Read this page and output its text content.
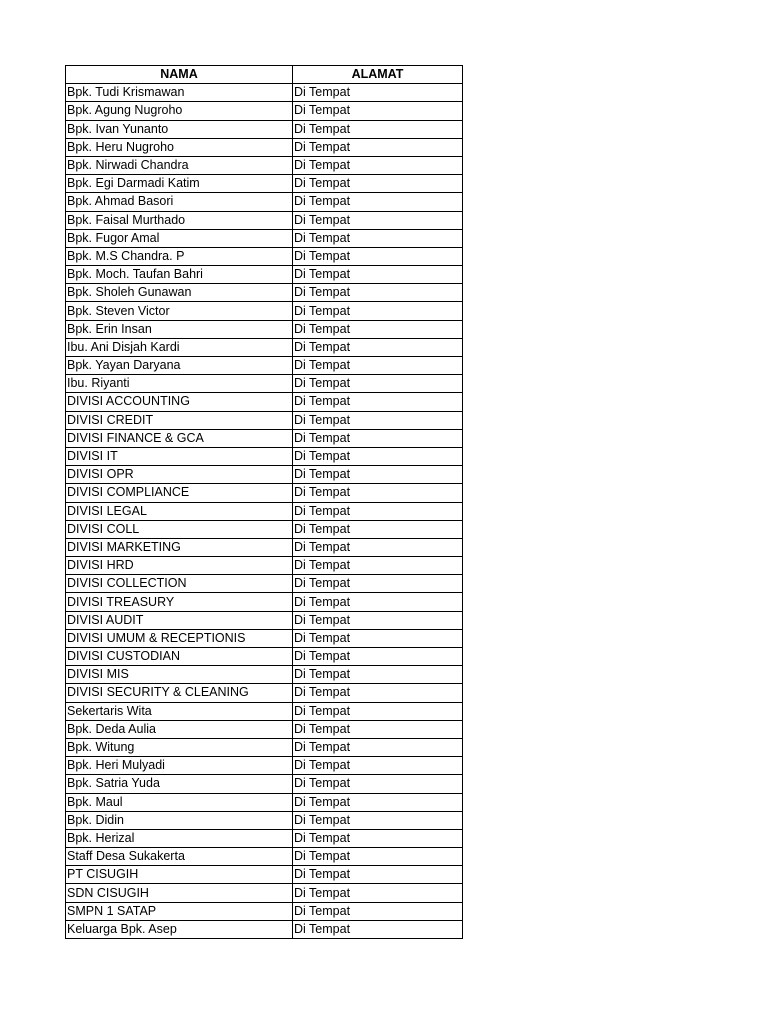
NAMA	ALAMAT
Bpk. Tudi Krismawan	Di Tempat
Bpk. Agung Nugroho	Di Tempat
Bpk. Ivan Yunanto	Di Tempat
Bpk. Heru Nugroho	Di Tempat
Bpk. Nirwadi Chandra	Di Tempat
Bpk. Egi Darmadi Katim	Di Tempat
Bpk. Ahmad Basori	Di Tempat
Bpk. Faisal Murthado	Di Tempat
Bpk. Fugor Amal	Di Tempat
Bpk. M.S Chandra. P	Di Tempat
Bpk. Moch. Taufan Bahri	Di Tempat
Bpk. Sholeh Gunawan	Di Tempat
Bpk. Steven Victor	Di Tempat
Bpk. Erin Insan	Di Tempat
Ibu. Ani Disjah Kardi	Di Tempat
Bpk. Yayan Daryana	Di Tempat
Ibu. Riyanti	Di Tempat
DIVISI ACCOUNTING	Di Tempat
DIVISI CREDIT	Di Tempat
DIVISI FINANCE & GCA	Di Tempat
DIVISI IT	Di Tempat
DIVISI OPR	Di Tempat
DIVISI COMPLIANCE	Di Tempat
DIVISI LEGAL	Di Tempat
DIVISI COLL	Di Tempat
DIVISI MARKETING	Di Tempat
DIVISI HRD	Di Tempat
DIVISI COLLECTION	Di Tempat
DIVISI TREASURY	Di Tempat
DIVISI AUDIT	Di Tempat
DIVISI UMUM & RECEPTIONIS	Di Tempat
DIVISI CUSTODIAN	Di Tempat
DIVISI MIS	Di Tempat
DIVISI SECURITY & CLEANING	Di Tempat
Sekertaris Wita	Di Tempat
Bpk. Deda Aulia	Di Tempat
Bpk. Witung	Di Tempat
Bpk. Heri Mulyadi	Di Tempat
Bpk. Satria Yuda	Di Tempat
Bpk. Maul	Di Tempat
Bpk. Didin	Di Tempat
Bpk. Herizal	Di Tempat
Staff Desa Sukakerta	Di Tempat
PT CISUGIH	Di Tempat
SDN CISUGIH	Di Tempat
SMPN 1 SATAP	Di Tempat
Keluarga Bpk. Asep	Di Tempat
